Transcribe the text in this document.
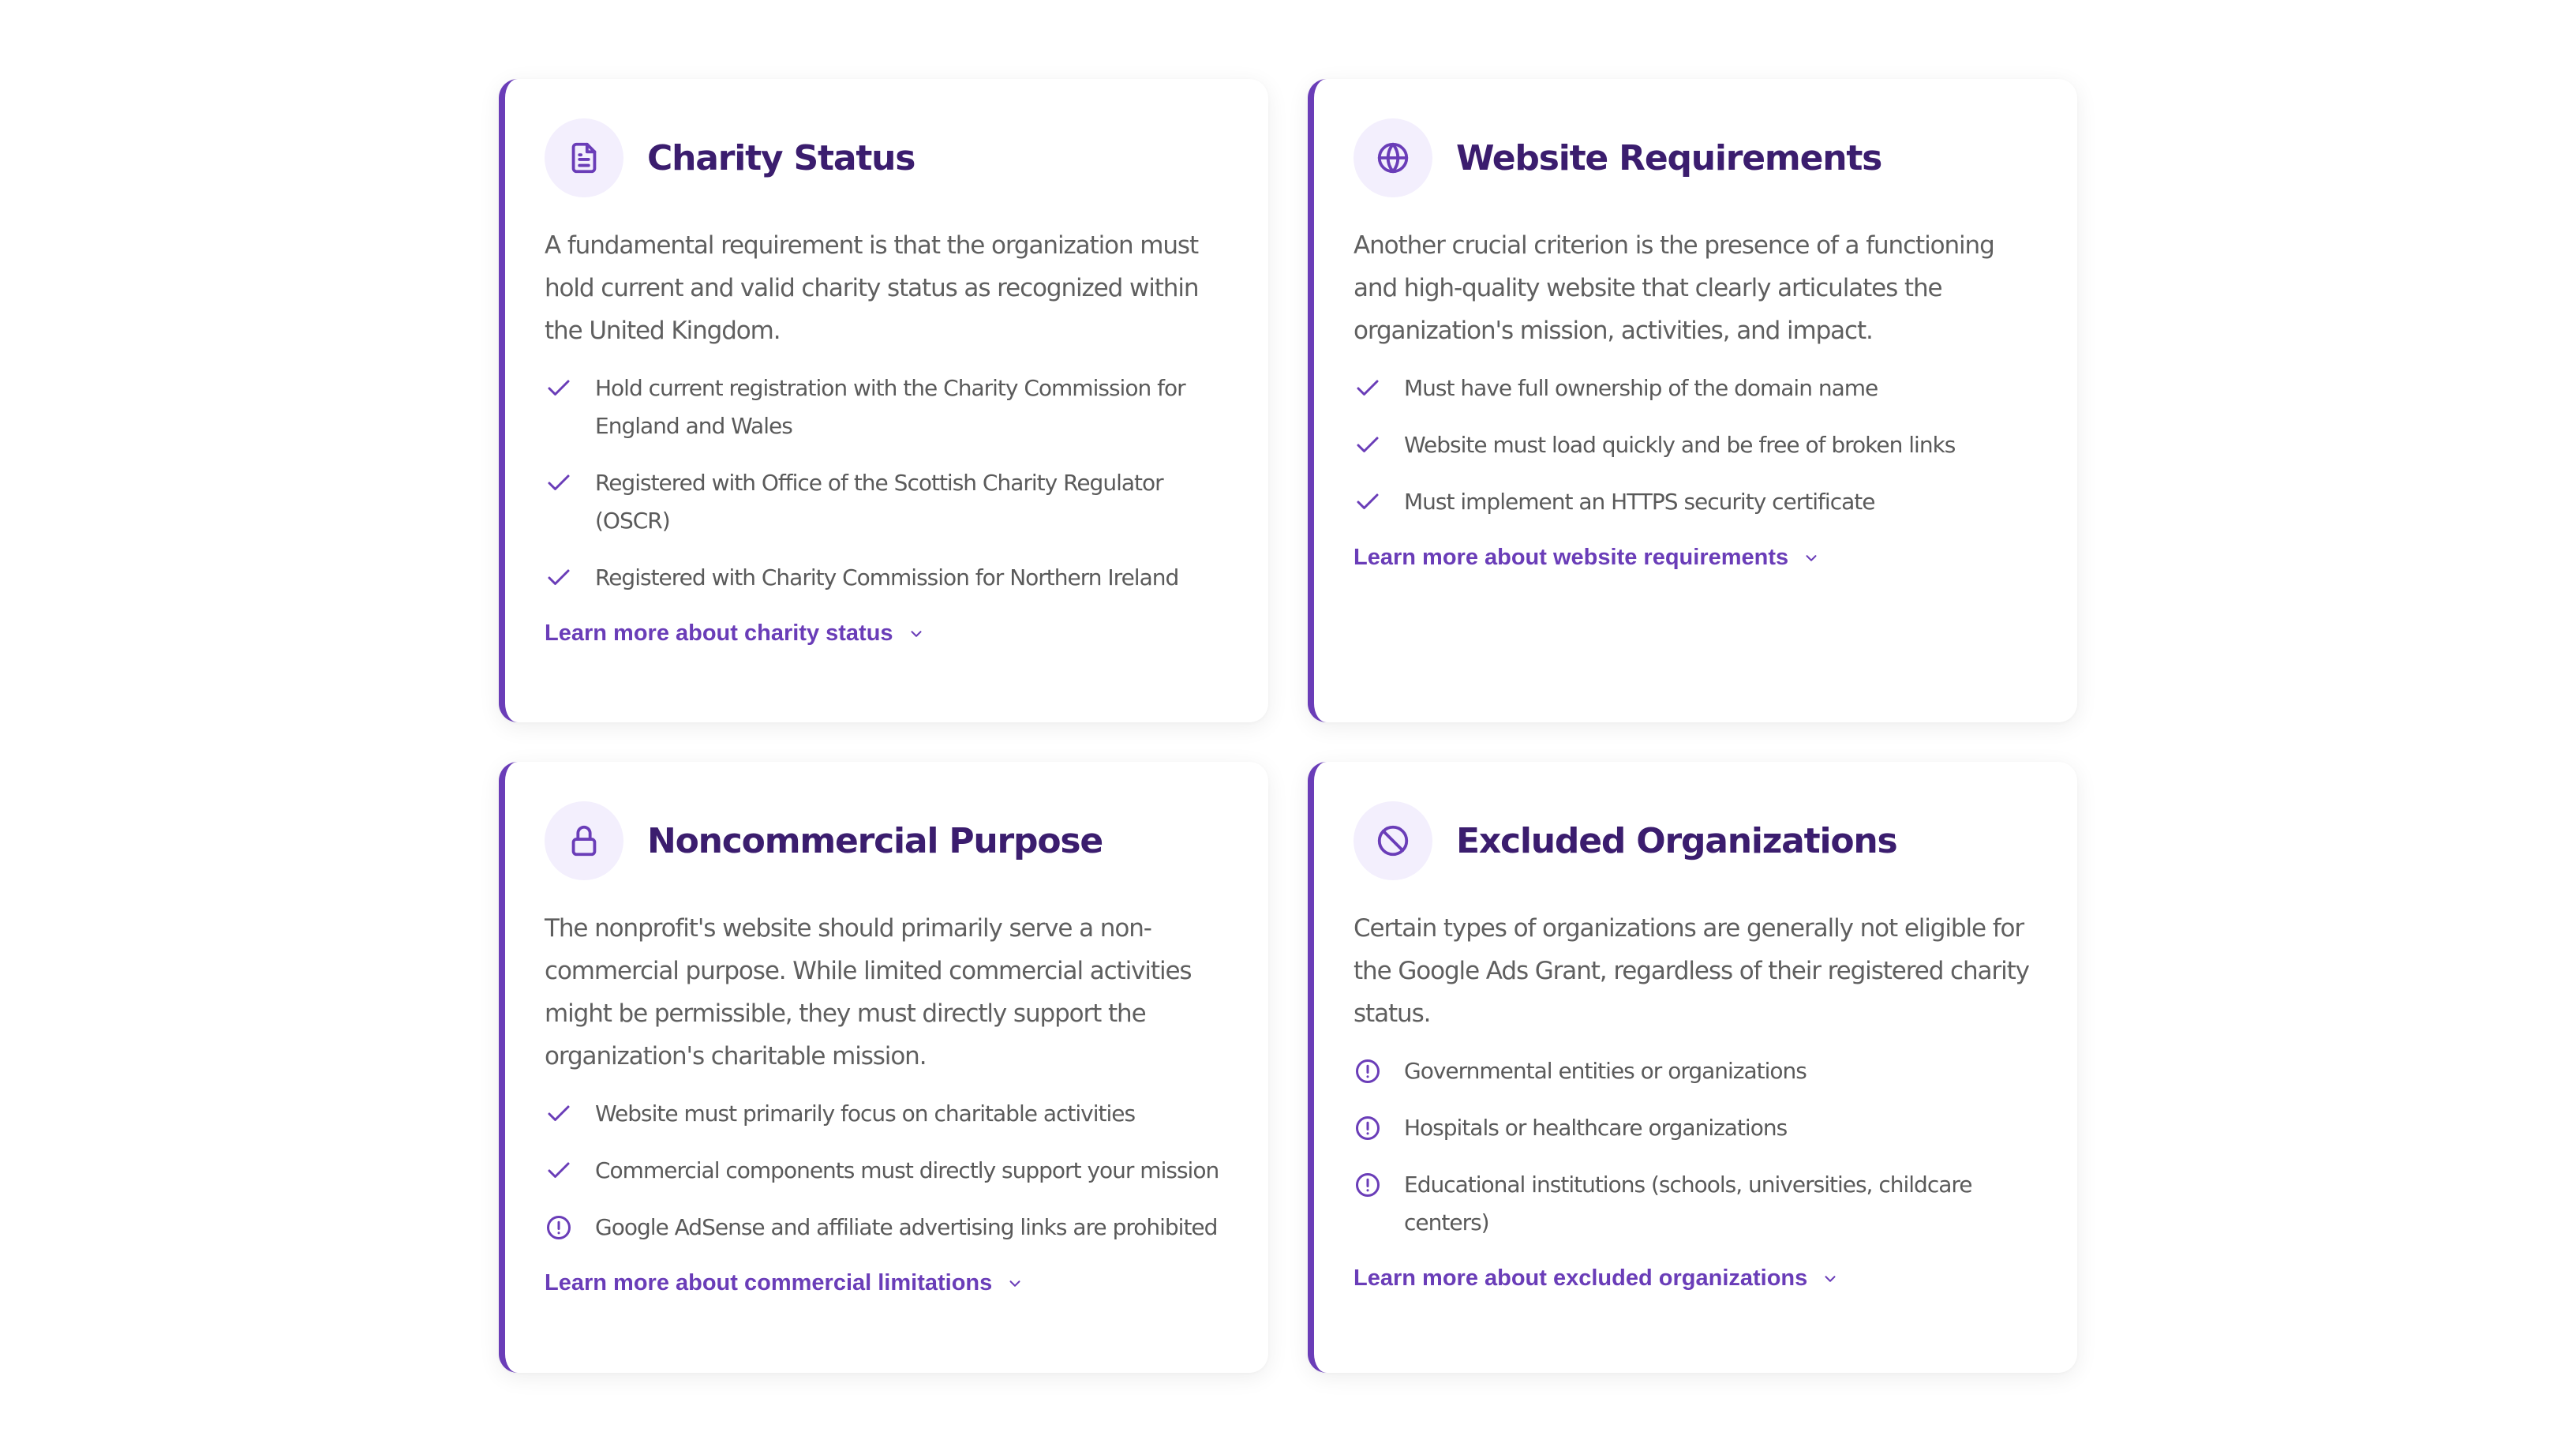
Charity Status

A fundamental requirement is that the organization must hold current and valid charity status as recognized within the United Kingdom.

Hold current registration with the Charity Commission for England and Wales
Registered with Office of the Scottish Charity Regulator (OSCR)
Registered with Charity Commission for Northern Ireland
Learn more about charity status
Website Requirements

Another crucial criterion is the presence of a functioning and high-quality website that clearly articulates the organization's mission, activities, and impact.

Must have full ownership of the domain name
Website must load quickly and be free of broken links
Must implement an HTTPS security certificate
Learn more about website requirements
Noncommercial Purpose

The nonprofit's website should primarily serve a non-commercial purpose. While limited commercial activities might be permissible, they must directly support the organization's charitable mission.

Website must primarily focus on charitable activities
Commercial components must directly support your mission
Google AdSense and affiliate advertising links are prohibited
Learn more about commercial limitations
Excluded Organizations

Certain types of organizations are generally not eligible for the Google Ads Grant, regardless of their registered charity status.

Governmental entities or organizations
Hospitals or healthcare organizations
Educational institutions (schools, universities, childcare centers)
Learn more about excluded organizations
